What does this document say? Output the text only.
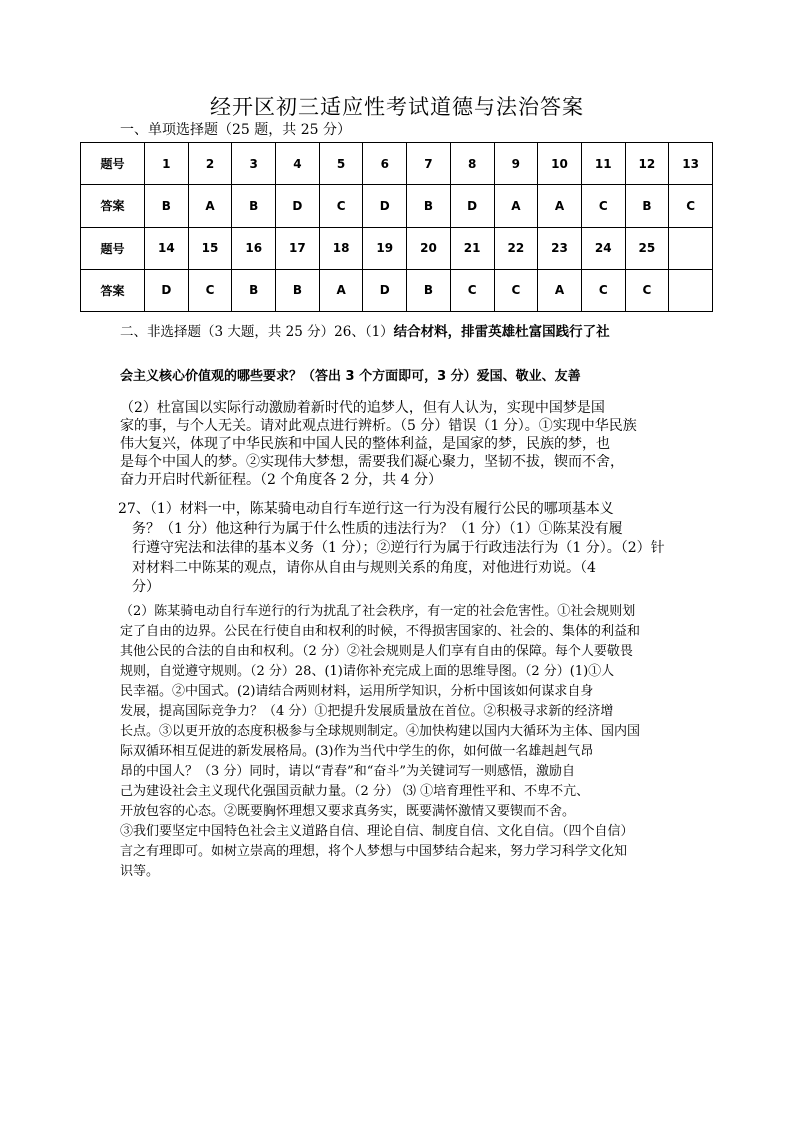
经开区初三适应性考试道德与法治答案
一、单项选择题（25 题，共 25 分）
题号	1	2	3	4	5	6	7	8	9	10	11	12	13
答案	B	A	B	D	C	D	B	D	A	A	C	B	C
题号	14	15	16	17	18	19	20	21	22	23	24	25	
答案	D	C	B	B	A	D	B	C	C	A	C	C	
二、非选择题（3 大题，共 25 分）26、（1）结合材料，排雷英雄杜富国践行了社
会主义核心价值观的哪些要求？（答出 3 个方面即可，3 分）爱国、敬业、友善
（2）杜富国以实际行动激励着新时代的追梦人，但有人认为，实现中国梦是国
家的事，与个人无关。请对此观点进行辨析。（5 分）错误（1 分）。①实现中华民族
伟大复兴，体现了中华民族和中国人民的整体利益，是国家的梦，民族的梦，也
是每个中国人的梦。②实现伟大梦想，需要我们凝心聚力，坚韧不拔，锲而不舍，
奋力开启时代新征程。（2 个角度各 2 分，共 4 分）
27、（1）材料一中，陈某骑电动自行车逆行这一行为没有履行公民的哪项基本义
　务？（1 分）他这种行为属于什么性质的违法行为？（1 分）（1）①陈某没有履
　行遵守宪法和法律的基本义务（1 分）；②逆行行为属于行政违法行为（1 分）。（2）针
　对材料二中陈某的观点，请你从自由与规则关系的角度，对他进行劝说。（4
　分）
（2）陈某骑电动自行车逆行的行为扰乱了社会秩序，有一定的社会危害性。①社会规则划
定了自由的边界。公民在行使自由和权利的时候，不得损害国家的、社会的、集体的利益和
其他公民的合法的自由和权利。（2 分）②社会规则是人们享有自由的保障。每个人要敬畏
规则，自觉遵守规则。（2 分）28、(1)请你补充完成上面的思维导图。（2 分）(1)①人
民幸福。②中国式。(2)请结合两则材料，运用所学知识，分析中国该如何谋求自身
发展，提高国际竞争力？（4 分）①把提升发展质量放在首位。②积极寻求新的经济增
长点。③以更开放的态度积极参与全球规则制定。④加快构建以国内大循环为主体、国内国
际双循环相互促进的新发展格局。(3)作为当代中学生的你，如何做一名雄赳赳气昂
昂的中国人？（3 分）同时，请以“青春”和“奋斗”为关键词写一则感悟，激励自
己为建设社会主义现代化强国贡献力量。（2 分） ⑶ ①培育理性平和、不卑不亢、
开放包容的心态。②既要胸怀理想又要求真务实，既要满怀激情又要锲而不舍。
③我们要坚定中国特色社会主义道路自信、理论自信、制度自信、文化自信。（四个自信）
言之有理即可。如树立崇高的理想，将个人梦想与中国梦结合起来，努力学习科学文化知
识等。
